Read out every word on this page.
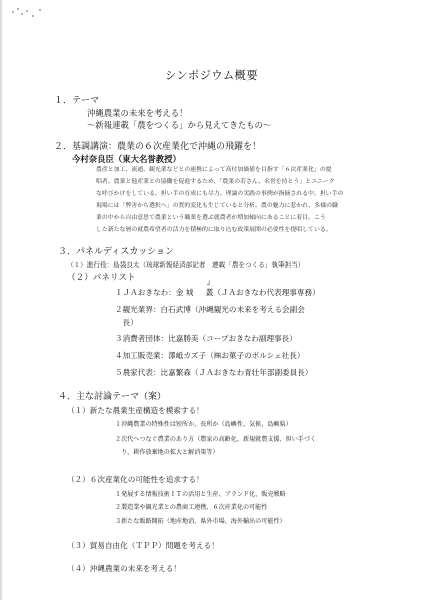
シンポジウム概要
１．テーマ
沖縄農業の未来を考える！
～新報連載「農をつくる」から見えてきたもの～
２．基調講演：農業の６次産業化で沖縄の飛躍を！
今村奈良臣（東大名誉教授）
農産と加工、流通、観光業などとの連携によって高付加価値を目指す「６次産業化」の提
唱者。農業と他産業との協働を促進するため、「農業の若さん、名誉を持とう」とユニーク
な呼びかけをしている。担い手の育成にも尽力。理論の実践の事例が指摘される中、担い手の
現場には「弊害から選択へ」の質的変化も生じていると分析。農の魅力に惹かれ、多様の職
業の中から自由意思で農業という職業を選ぶ就農者が増加傾向にあることに着目。こう
した新たな層の就農希望者の活力を積極的に取り込む政策展開の必要性を提唱している。
３．パネルディスカッション
（１）進行役：島袋良太（琉球新報経済部記者　連載「農をつくる」執筆担当）
（２）パネリスト
┘
１ＪＡおきなわ：金 城 　 叢（ＪＡおきなわ代表理事専務）
２観光業界：白石武博（沖縄観光の未来を考える会副会
　長）
３消費者団体：比嘉勝美（コープおきなわ副理事長）
４加工販売業：澤岻カズ子（㈱お菓子のポルシェ社長）
５農家代表：比嘉繁森（ＪＡおきなわ青壮年部副委員長）
４．主な討論テーマ（案）
（１）新たな農業生産構造を模索する！
１沖縄農業の特殊性は短所か、長所か（島嶼性、気候、島嶼県）
２次代へつなぐ農業のあり方（農家の高齢化、新規就農支援、担い手づく
　り、耕作放棄地の拡大と解消策等）
（２）６次産業化の可能性を追求する！
１発展する情報技術ＩＴの活用と生産、ブランド化、販売戦略
２製造業や観光業との農商工連携、６次産業化の可能性
３新たな販路開拓（地産地消、県外市場、海外輸出の可能性）
（３）貿易自由化（ＴＰＰ）問題を考える！
（４）沖縄農業の未来を考える！
